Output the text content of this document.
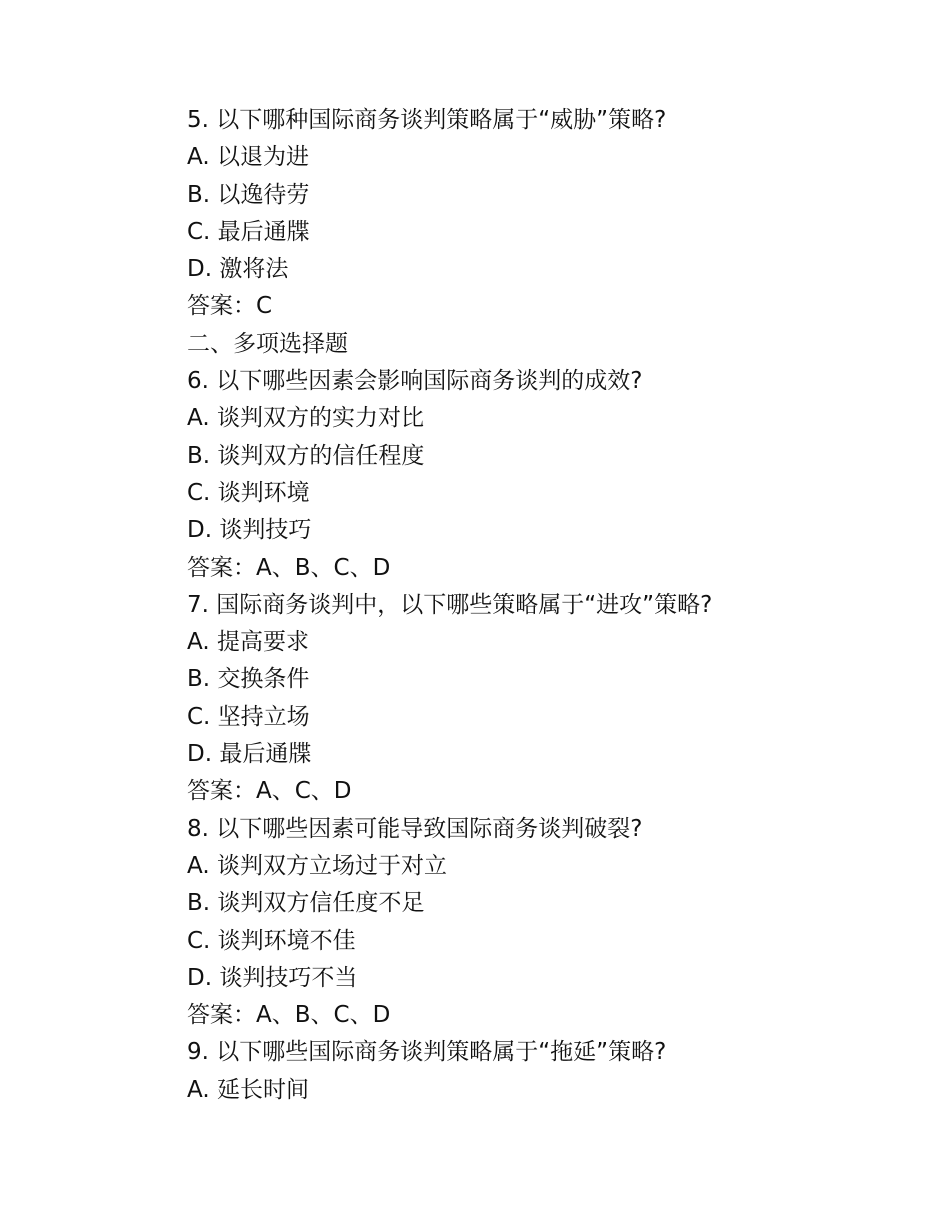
5. 以下哪种国际商务谈判策略属于“威胁”策略?
A. 以退为进
B. 以逸待劳
C. 最后通牒
D. 激将法
答案：C
二、多项选择题
6. 以下哪些因素会影响国际商务谈判的成效?
A. 谈判双方的实力对比
B. 谈判双方的信任程度
C. 谈判环境
D. 谈判技巧
答案：A、B、C、D
7. 国际商务谈判中，以下哪些策略属于“进攻”策略?
A. 提高要求
B. 交换条件
C. 坚持立场
D. 最后通牒
答案：A、C、D
8. 以下哪些因素可能导致国际商务谈判破裂?
A. 谈判双方立场过于对立
B. 谈判双方信任度不足
C. 谈判环境不佳
D. 谈判技巧不当
答案：A、B、C、D
9. 以下哪些国际商务谈判策略属于“拖延”策略?
A. 延长时间
